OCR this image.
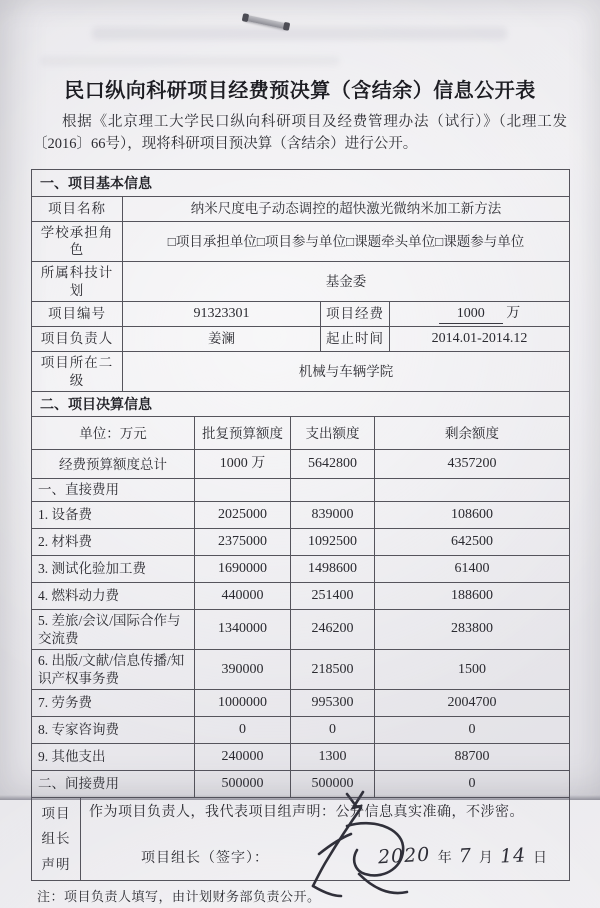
民口纵向科研项目经费预决算（含结余）信息公开表
根据《北京理工大学民口纵向科研项目及经费管理办法（试行）》（北理工发〔2016〕66号），现将科研项目预决算（含结余）进行公开。
一、项目基本信息			
项目名称	纳米尺度电子动态调控的超快激光微纳米加工新方法		
学校承担角色	□项目承担单位□项目参与单位□课题牵头单位□课题参与单位		
所属科技计划	基金委		
项目编号	91323301	项目经费	1000 万
项目负责人	姜澜	起止时间	2014.01-2014.12
项目所在二级	机械与车辆学院		
二、项目决算信息			
单位：万元	批复预算额度	支出额度	剩余额度
经费预算额度总计	1000 万	5642800	4357200
一、直接费用			
1. 设备费	2025000	839000	108600
2. 材料费	2375000	1092500	642500
3. 测试化验加工费	1690000	1498600	61400
4. 燃料动力费	440000	251400	188600
5. 差旅/会议/国际合作与交流费	1340000	246200	283800
6. 出版/文献/信息传播/知识产权事务费	390000	218500	1500
7. 劳务费	1000000	995300	2004700
8. 专家咨询费	0	0	0
9. 其他支出	240000	1300	88700
二、间接费用	500000	500000	0
项目
组长
声明

作为项目负责人，我代表项目组声明：公开信息真实准确，不涉密。
项目组长（签字）：	2020 年 7 月 14 日
注：项目负责人填写，由计划财务部负责公开。
